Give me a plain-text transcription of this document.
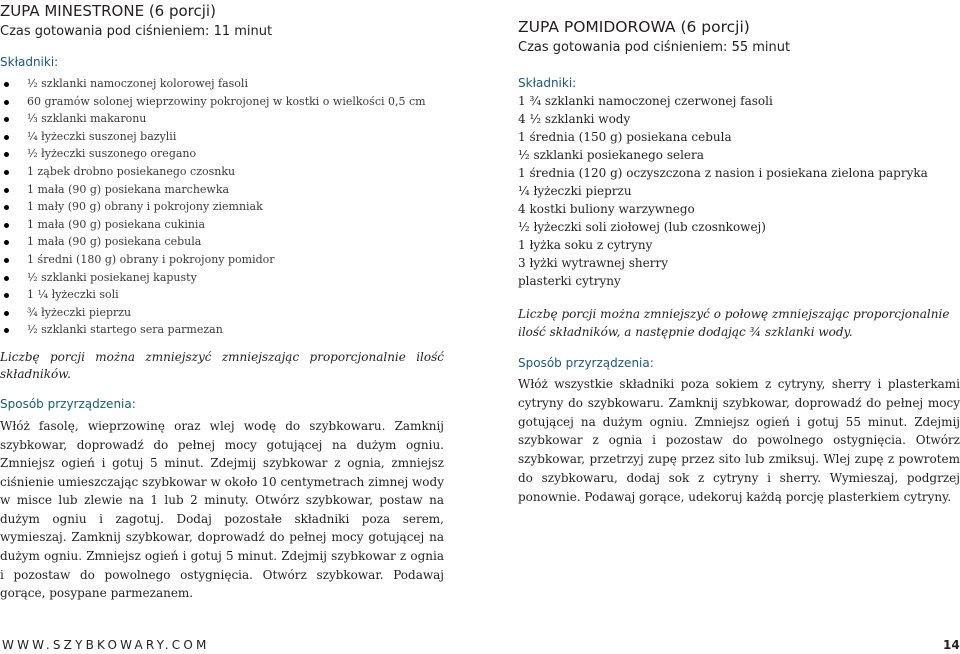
ZUPA MINESTRONE (6 porcji)
Czas gotowania pod ciśnieniem: 11 minut
Składniki:
½ szklanki namoczonej kolorowej fasoli
60 gramów solonej wieprzowiny pokrojonej w kostki o wielkości 0,5 cm
⅓ szklanki makaronu
¼ łyżeczki suszonej bazylii
½ łyżeczki suszonego oregano
1 ząbek drobno posiekanego czosnku
1 mała (90 g) posiekana marchewka
1 mały (90 g) obrany i pokrojony ziemniak
1 mała (90 g) posiekana cukinia
1 mała (90 g) posiekana cebula
1 średni (180 g) obrany i pokrojony pomidor
½ szklanki posiekanej kapusty
1 ¼ łyżeczki soli
¾ łyżeczki pieprzu
½ szklanki startego sera parmezan
Liczbę porcji można zmniejszyć zmniejszając proporcjonalnie ilość
składników.
Sposób przyrządzenia:
Włóż fasolę, wieprzowinę oraz wlej wodę do szybkowaru. Zamknij szybkowar, doprowadź do pełnej mocy gotującej na dużym ogniu. Zmniejsz ogień i gotuj 5 minut. Zdejmij szybkowar z ognia, zmniejsz ciśnienie umieszczając szybkowar w około 10 centymetrach zimnej wody w misce lub zlewie na 1 lub 2 minuty. Otwórz szybkowar, postaw na dużym ogniu i zagotuj. Dodaj pozostałe składniki poza serem, wymieszaj. Zamknij szybkowar, doprowadź do pełnej mocy gotującej na dużym ogniu. Zmniejsz ogień i gotuj 5 minut. Zdejmij szybkowar z ognia i pozostaw do powolnego ostygnięcia. Otwórz szybkowar. Podawaj gorące, posypane parmezanem.
ZUPA POMIDOROWA (6 porcji)
Czas gotowania pod ciśnieniem: 55 minut
Składniki:
1 ¾ szklanki namoczonej czerwonej fasoli
4 ½ szklanki wody
1 średnia (150 g) posiekana cebula
½ szklanki posiekanego selera
1 średnia (120 g) oczyszczona z nasion i posiekana zielona papryka
¼ łyżeczki pieprzu
4 kostki buliony warzywnego
½ łyżeczki soli ziołowej (lub czosnkowej)
1 łyżka soku z cytryny
3 łyżki wytrawnej sherry
plasterki cytryny
Liczbę porcji można zmniejszyć o połowę zmniejszając proporcjonalnie ilość składników, a następnie dodając ¾ szklanki wody.
Sposób przyrządzenia:
Włóż wszystkie składniki poza sokiem z cytryny, sherry i plasterkami cytryny do szybkowaru. Zamknij szybkowar, doprowadź do pełnej mocy gotującej na dużym ogniu. Zmniejsz ogień i gotuj 55 minut. Zdejmij szybkowar z ognia i pozostaw do powolnego ostygnięcia. Otwórz szybkowar, przetrzyj zupę przez sito lub zmiksuj. Wlej zupę z powrotem do szybkowaru, dodaj sok z cytryny i sherry. Wymieszaj, podgrzej ponownie. Podawaj gorące, udekoruj każdą porcję plasterkiem cytryny.
WWW.SZYBKOWARY.COM	14
